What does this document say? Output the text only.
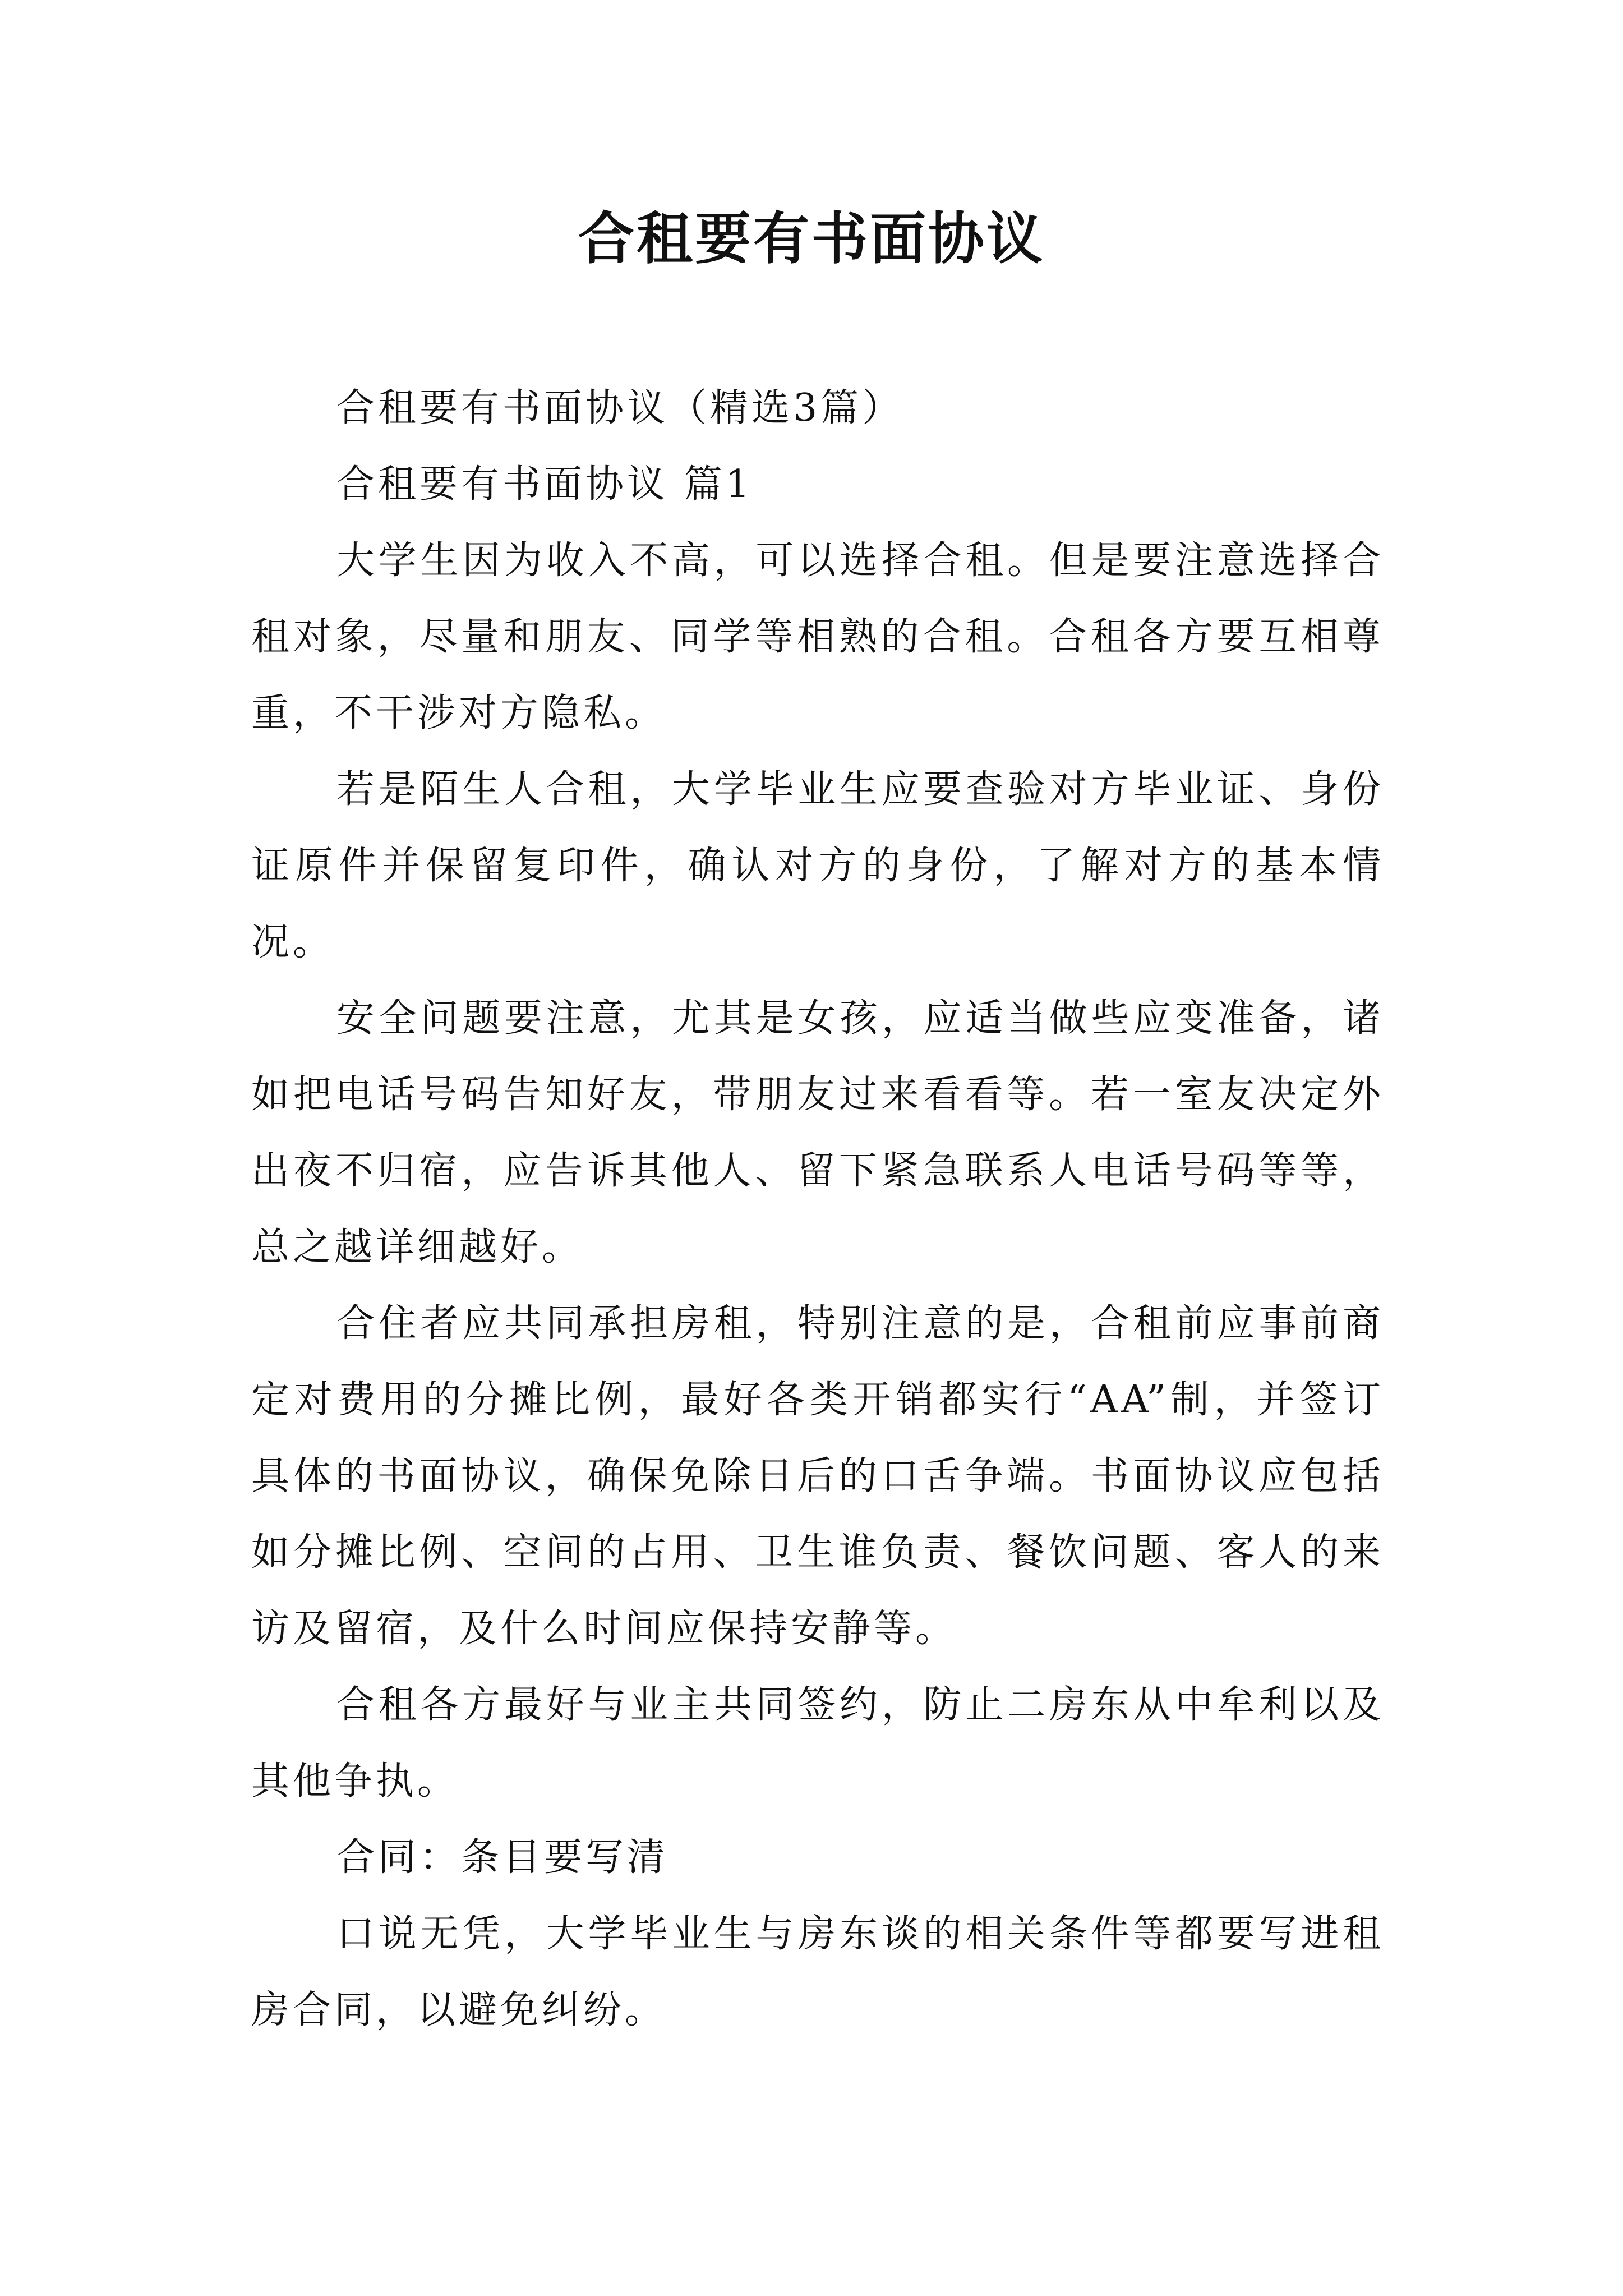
合租要有书面协议

合租要有书面协议（精选3篇）

合租要有书面协议 篇1

大学生因为收入不高，可以选择合租。但是要注意选择合租对象，尽量和朋友、同学等相熟的合租。合租各方要互相尊重，不干涉对方隐私。

若是陌生人合租，大学毕业生应要查验对方毕业证、身份证原件并保留复印件，确认对方的身份，了解对方的基本情况。

安全问题要注意，尤其是女孩，应适当做些应变准备，诸如把电话号码告知好友，带朋友过来看看等。若一室友决定外出夜不归宿，应告诉其他人、留下紧急联系人电话号码等等，总之越详细越好。

合住者应共同承担房租，特别注意的是，合租前应事前商定对费用的分摊比例，最好各类开销都实行“AA”制，并签订具体的书面协议，确保免除日后的口舌争端。书面协议应包括如分摊比例、空间的占用、卫生谁负责、餐饮问题、客人的来访及留宿，及什么时间应保持安静等。

合租各方最好与业主共同签约，防止二房东从中牟利以及其他争执。

合同：条目要写清

口说无凭，大学毕业生与房东谈的相关条件等都要写进租房合同，以避免纠纷。
